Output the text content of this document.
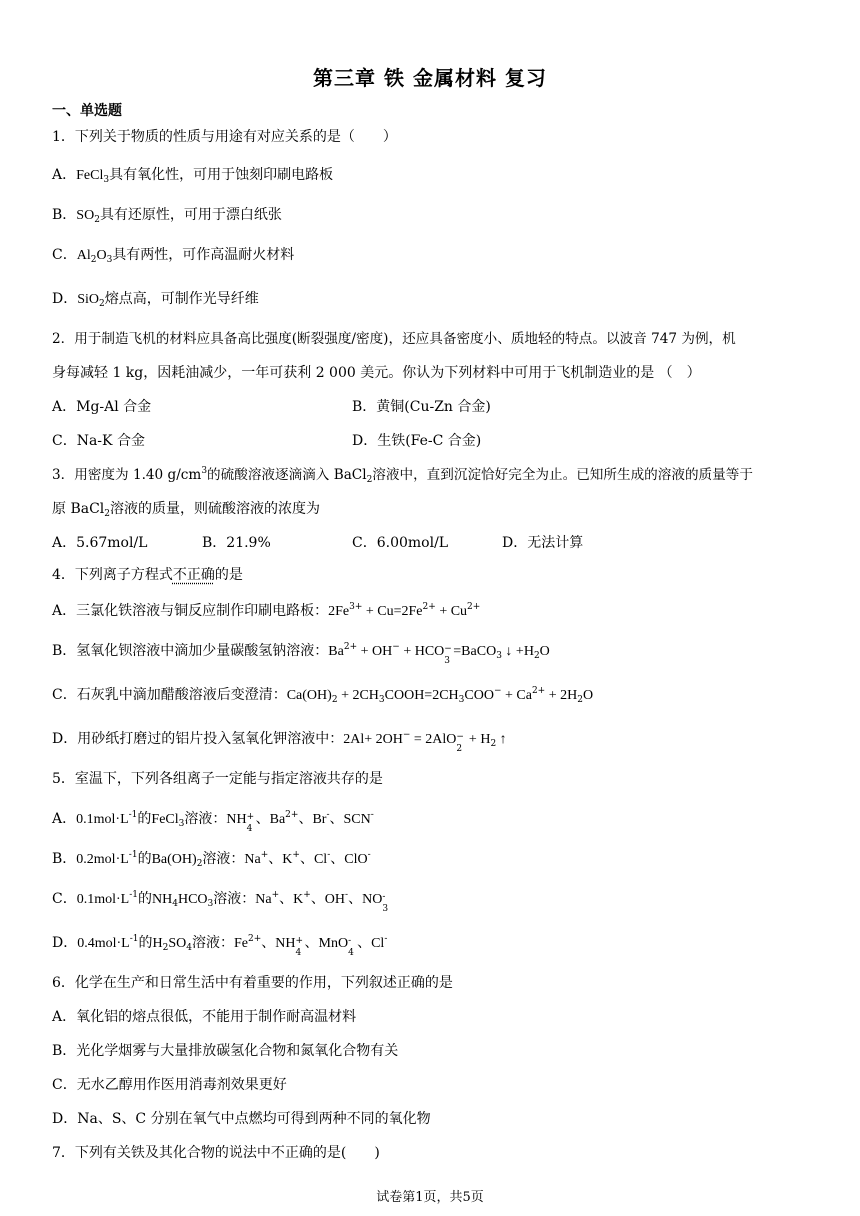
第三章 铁 金属材料 复习
一、单选题
1．下列关于物质的性质与用途有对应关系的是（　　）
A．FeCl$_3$具有氧化性，可用于蚀刻印刷电路板
B．$SO_2$具有还原性，可用于漂白纸张
C．$Al_2O_3$具有两性，可作高温耐火材料
D．SiO$_2$熔点高，可制作光导纤维
2．用于制造飞机的材料应具备高比强度(断裂强度/密度)，还应具备密度小、质地轻的特点。以波音 747 为例，机
身每减轻 1 kg，因耗油减少，一年可获利 2 000 美元。你认为下列材料中可用于飞机制造业的是 （　）
A．Mg-Al 合金	B．黄铜(Cu-Zn 合金)
C．Na-K 合金	D．生铁(Fe-C 合金)
3．用密度为 1.40 $g/cm^3$的硫酸溶液逐滴滴入 BaCl$_2$溶液中，直到沉淀恰好完全为止。已知所生成的溶液的质量等于
原 BaCl$_2$溶液的质量，则硫酸溶液的浓度为
A．5.67mol/L	B．21.9%	C．6.00mol/L	D．无法计算
4．下列离子方程式不正确的是
A．三氯化铁溶液与铜反应制作印刷电路板：$2Fe^{3+} + Cu=2Fe^{2+} + Cu^{2+}$
B．氢氧化钡溶液中滴加少量碳酸氢钠溶液：$Ba^{2+} + OH^-$ + HCO −
3
=BaCO$_3$ ↓ $+H_2O$
C．石灰乳中滴加醋酸溶液后变澄清：$Ca(OH)_2$ + $2CH_3COOH=2CH_3COO^- + Ca^{2+} + 2H_2O$
D．用砂纸打磨过的铝片投入氢氧化钾溶液中：2Al+ 2OH− = 2AlO −
2
+ $H_2$ ↑
5．室温下，下列各组离子一定能与指定溶液共存的是
A．$0.1mol\cdot L^{-1}$的FeCl$_3$溶液：NH +
4
、$Ba^{2+}$、Br-、SCN-
B．$0.2mol\cdot L^{-1}$的$Ba(OH)_2$溶液：Na+、K+、Cl-、ClO-
C．$0.1mol\cdot L^{-1}$的$NH_4HCO_3$溶液：Na+、K+、OH-、NO -
3
D．$0.4mol\cdot L^{-1}$的$H_2SO_4$溶液：$Fe^{2+}$、NH +
4
、MnO -
4
、Cl-
6．化学在生产和日常生活中有着重要的作用，下列叙述正确的是
A．氧化铝的熔点很低，不能用于制作耐高温材料
B．光化学烟雾与大量排放碳氢化合物和氮氧化合物有关
C．无水乙醇用作医用消毒剂效果更好
D．Na、S、C 分别在氧气中点燃均可得到两种不同的氧化物
7．下列有关铁及其化合物的说法中不正确的是(　　)
试卷第1页，共5页
